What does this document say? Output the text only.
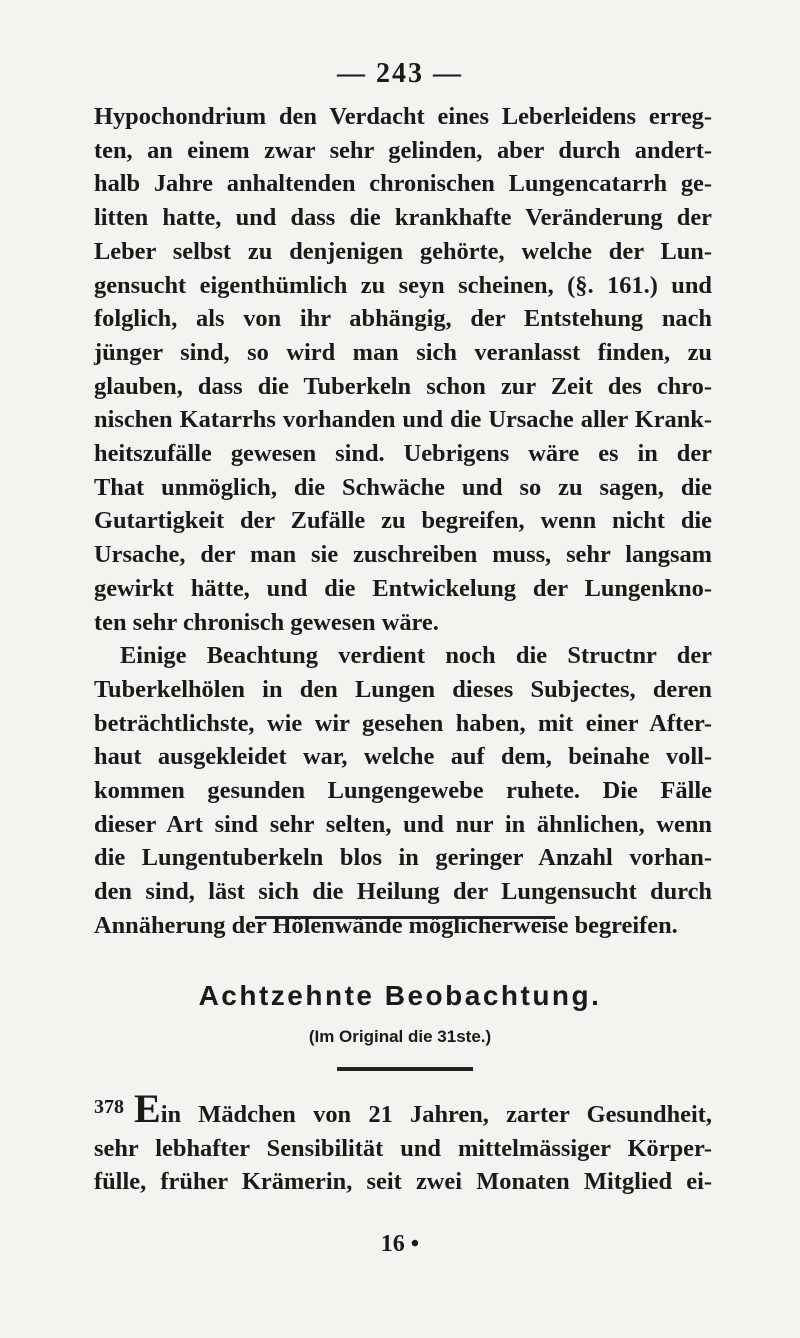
— 243 —
Hypochondrium den Verdacht eines Leberleidens erreg-
ten, an einem zwar sehr gelinden, aber durch andert-
halb Jahre anhaltenden chronischen Lungencatarrh ge-
litten hatte, und dass die krankhafte Veränderung der
Leber selbst zu denjenigen gehörte, welche der Lun-
gensucht eigenthümlich zu seyn scheinen, (§. 161.) und
folglich, als von ihr abhängig, der Entstehung nach
jünger sind, so wird man sich veranlasst finden, zu
glauben, dass die Tuberkeln schon zur Zeit des chro-
nischen Katarrhs vorhanden und die Ursache aller Krank-
heitszufälle gewesen sind. Uebrigens wäre es in der
That unmöglich, die Schwäche und so zu sagen, die
Gutartigkeit der Zufälle zu begreifen, wenn nicht die
Ursache, der man sie zuschreiben muss, sehr langsam
gewirkt hätte, und die Entwickelung der Lungenkno-
ten sehr chronisch gewesen wäre.
Einige Beachtung verdient noch die Structnr der
Tuberkelhölen in den Lungen dieses Subjectes, deren
beträchtlichste, wie wir gesehen haben, mit einer After-
haut ausgekleidet war, welche auf dem, beinahe voll-
kommen gesunden Lungengewebe ruhete. Die Fälle
dieser Art sind sehr selten, und nur in ähnlichen, wenn
die Lungentuberkeln blos in geringer Anzahl vorhan-
den sind, läst sich die Heilung der Lungensucht durch
Annäherung der Hölenwände möglicherweise begreifen.
Achtzehnte Beobachtung.
(Im Original die 31ste.)
378 Ein Mädchen von 21 Jahren, zarter Gesundheit,
sehr lebhafter Sensibilität und mittelmässiger Körper-
fülle, früher Krämerin, seit zwei Monaten Mitglied ei-
16 •
